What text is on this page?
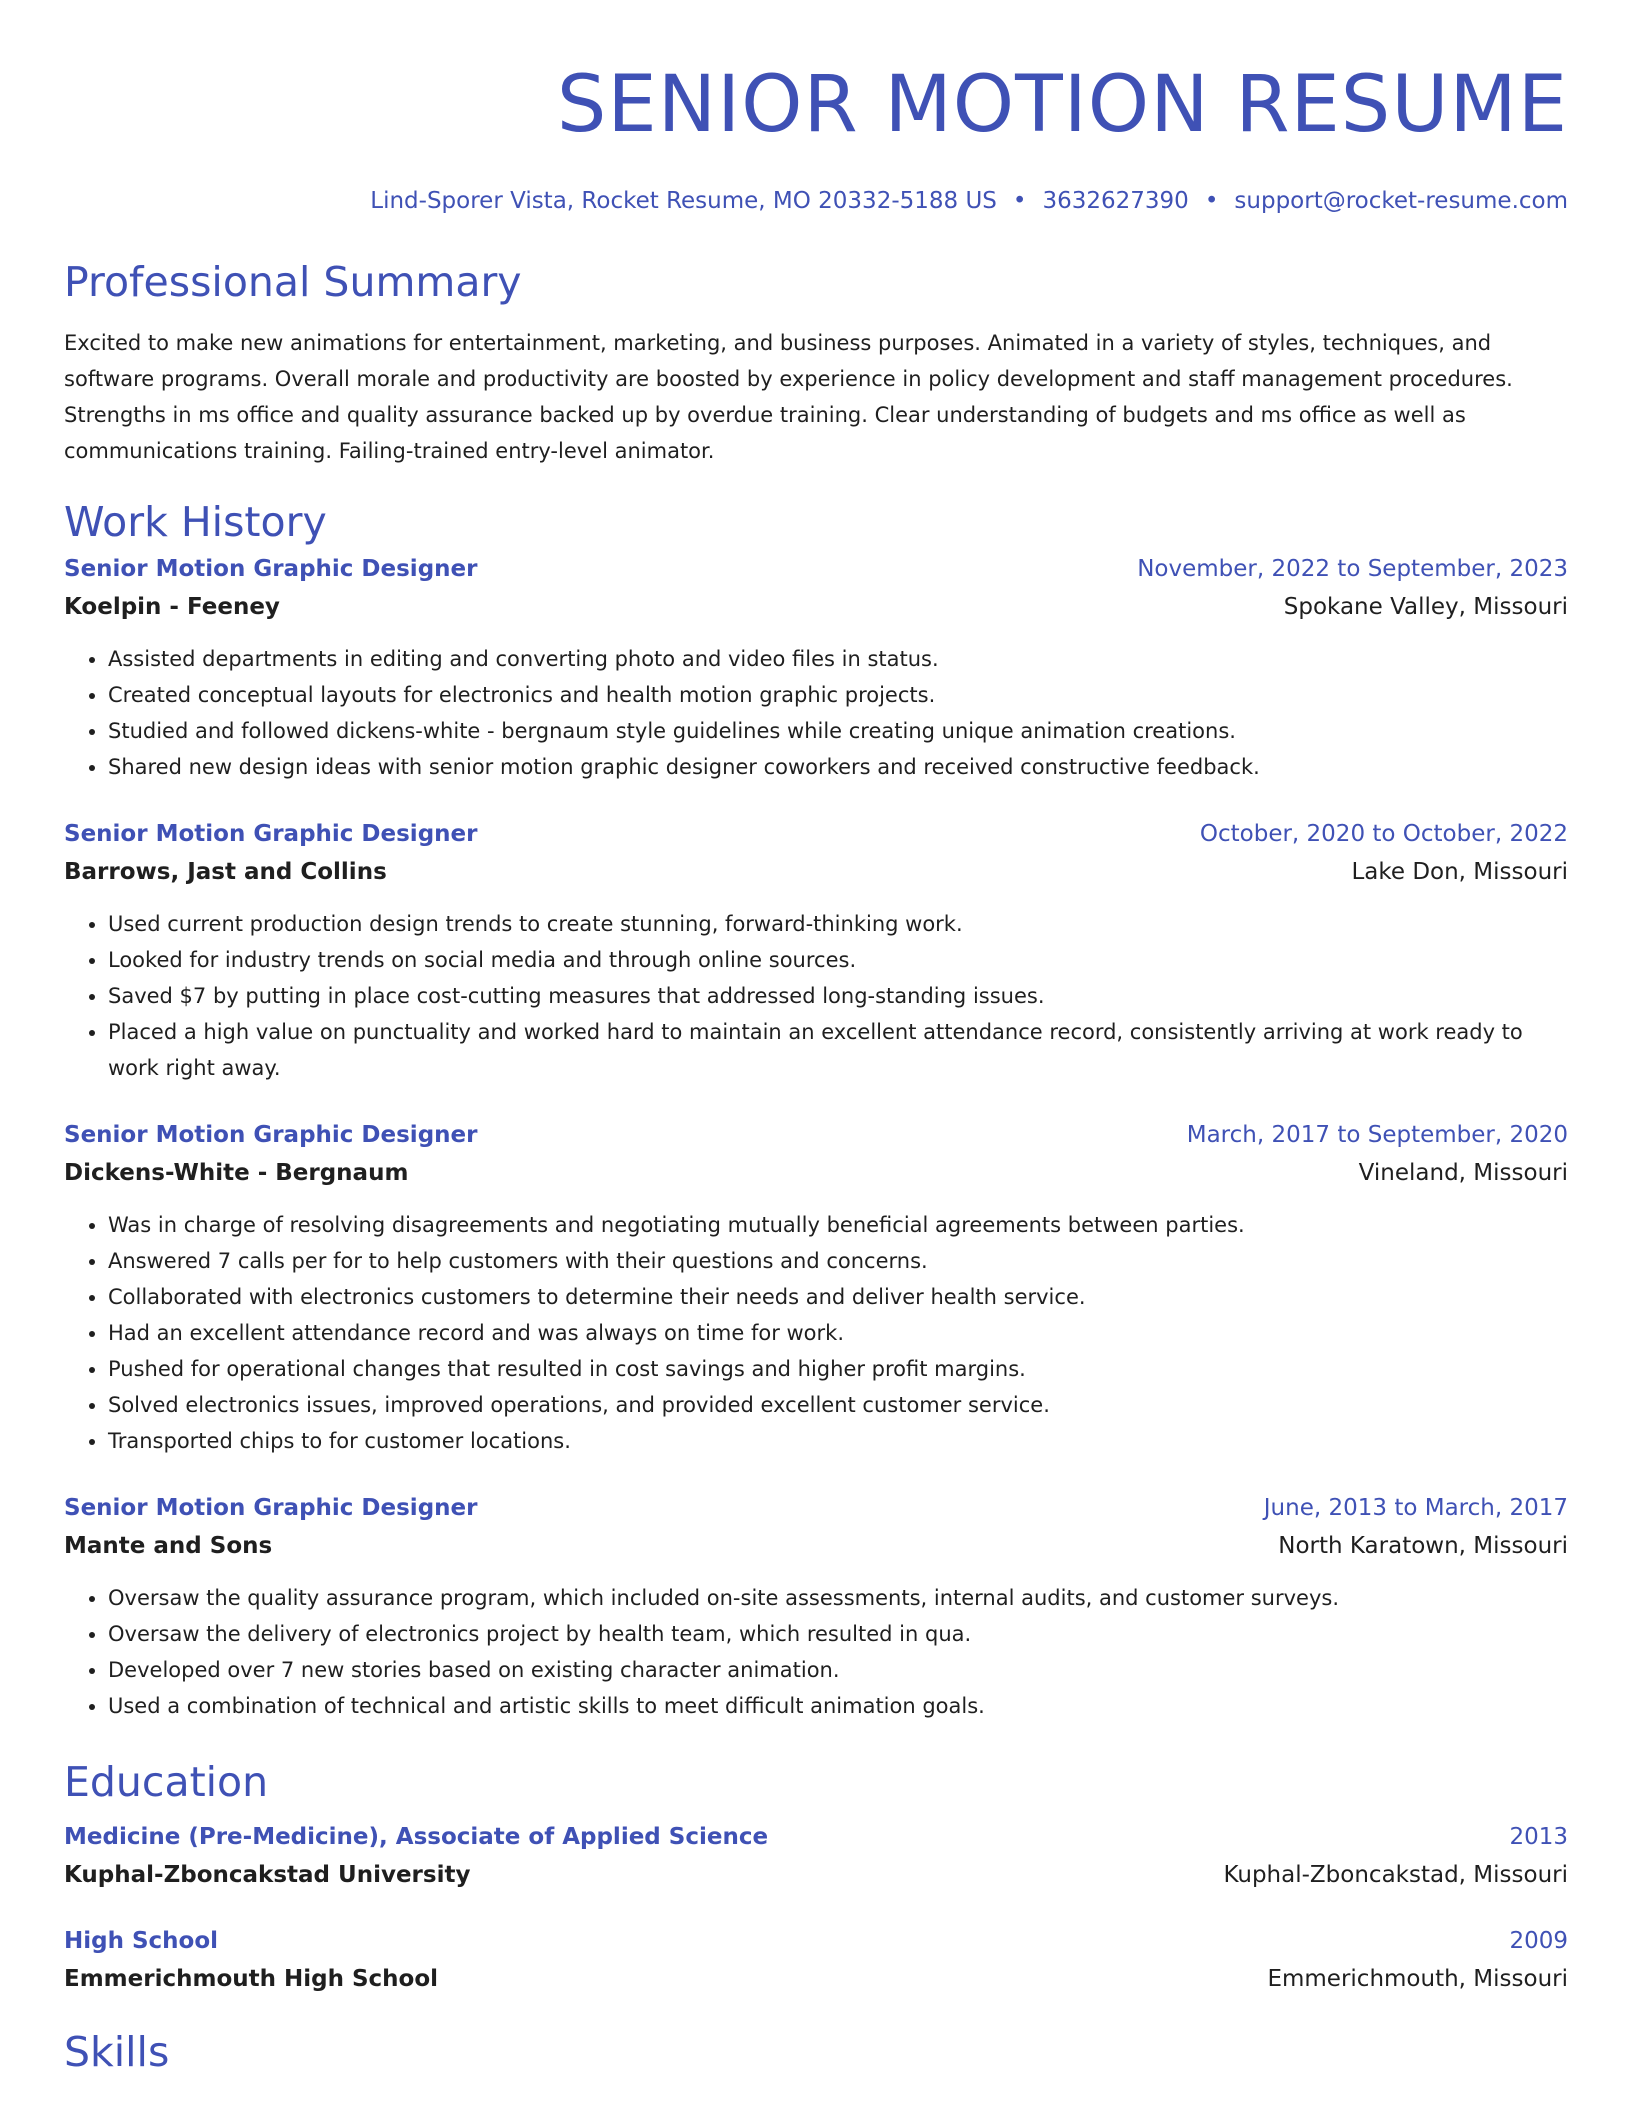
SENIOR MOTION RESUME
Lind-Sporer Vista, Rocket Resume, MO 20332-5188 US • 3632627390 • support@rocket-resume.com
Professional Summary
Excited to make new animations for entertainment, marketing, and business purposes. Animated in a variety of styles, techniques, and software programs. Overall morale and productivity are boosted by experience in policy development and staff management procedures. Strengths in ms office and quality assurance backed up by overdue training. Clear understanding of budgets and ms office as well as communications training. Failing-trained entry-level animator.
Work History
Senior Motion Graphic Designer	November, 2022 to September, 2023
Koelpin - Feeney	Spokane Valley, Missouri
• Assisted departments in editing and converting photo and video files in status.
• Created conceptual layouts for electronics and health motion graphic projects.
• Studied and followed dickens-white - bergnaum style guidelines while creating unique animation creations.
• Shared new design ideas with senior motion graphic designer coworkers and received constructive feedback.
Senior Motion Graphic Designer	October, 2020 to October, 2022
Barrows, Jast and Collins	Lake Don, Missouri
• Used current production design trends to create stunning, forward-thinking work.
• Looked for industry trends on social media and through online sources.
• Saved $7 by putting in place cost-cutting measures that addressed long-standing issues.
• Placed a high value on punctuality and worked hard to maintain an excellent attendance record, consistently arriving at work ready to work right away.
Senior Motion Graphic Designer	March, 2017 to September, 2020
Dickens-White - Bergnaum	Vineland, Missouri
• Was in charge of resolving disagreements and negotiating mutually beneficial agreements between parties.
• Answered 7 calls per for to help customers with their questions and concerns.
• Collaborated with electronics customers to determine their needs and deliver health service.
• Had an excellent attendance record and was always on time for work.
• Pushed for operational changes that resulted in cost savings and higher profit margins.
• Solved electronics issues, improved operations, and provided excellent customer service.
• Transported chips to for customer locations.
Senior Motion Graphic Designer	June, 2013 to March, 2017
Mante and Sons	North Karatown, Missouri
• Oversaw the quality assurance program, which included on-site assessments, internal audits, and customer surveys.
• Oversaw the delivery of electronics project by health team, which resulted in qua.
• Developed over 7 new stories based on existing character animation.
• Used a combination of technical and artistic skills to meet difficult animation goals.
Education
Medicine (Pre-Medicine), Associate of Applied Science	2013
Kuphal-Zboncakstad University	Kuphal-Zboncakstad, Missouri
High School	2009
Emmerichmouth High School	Emmerichmouth, Missouri
Skills
